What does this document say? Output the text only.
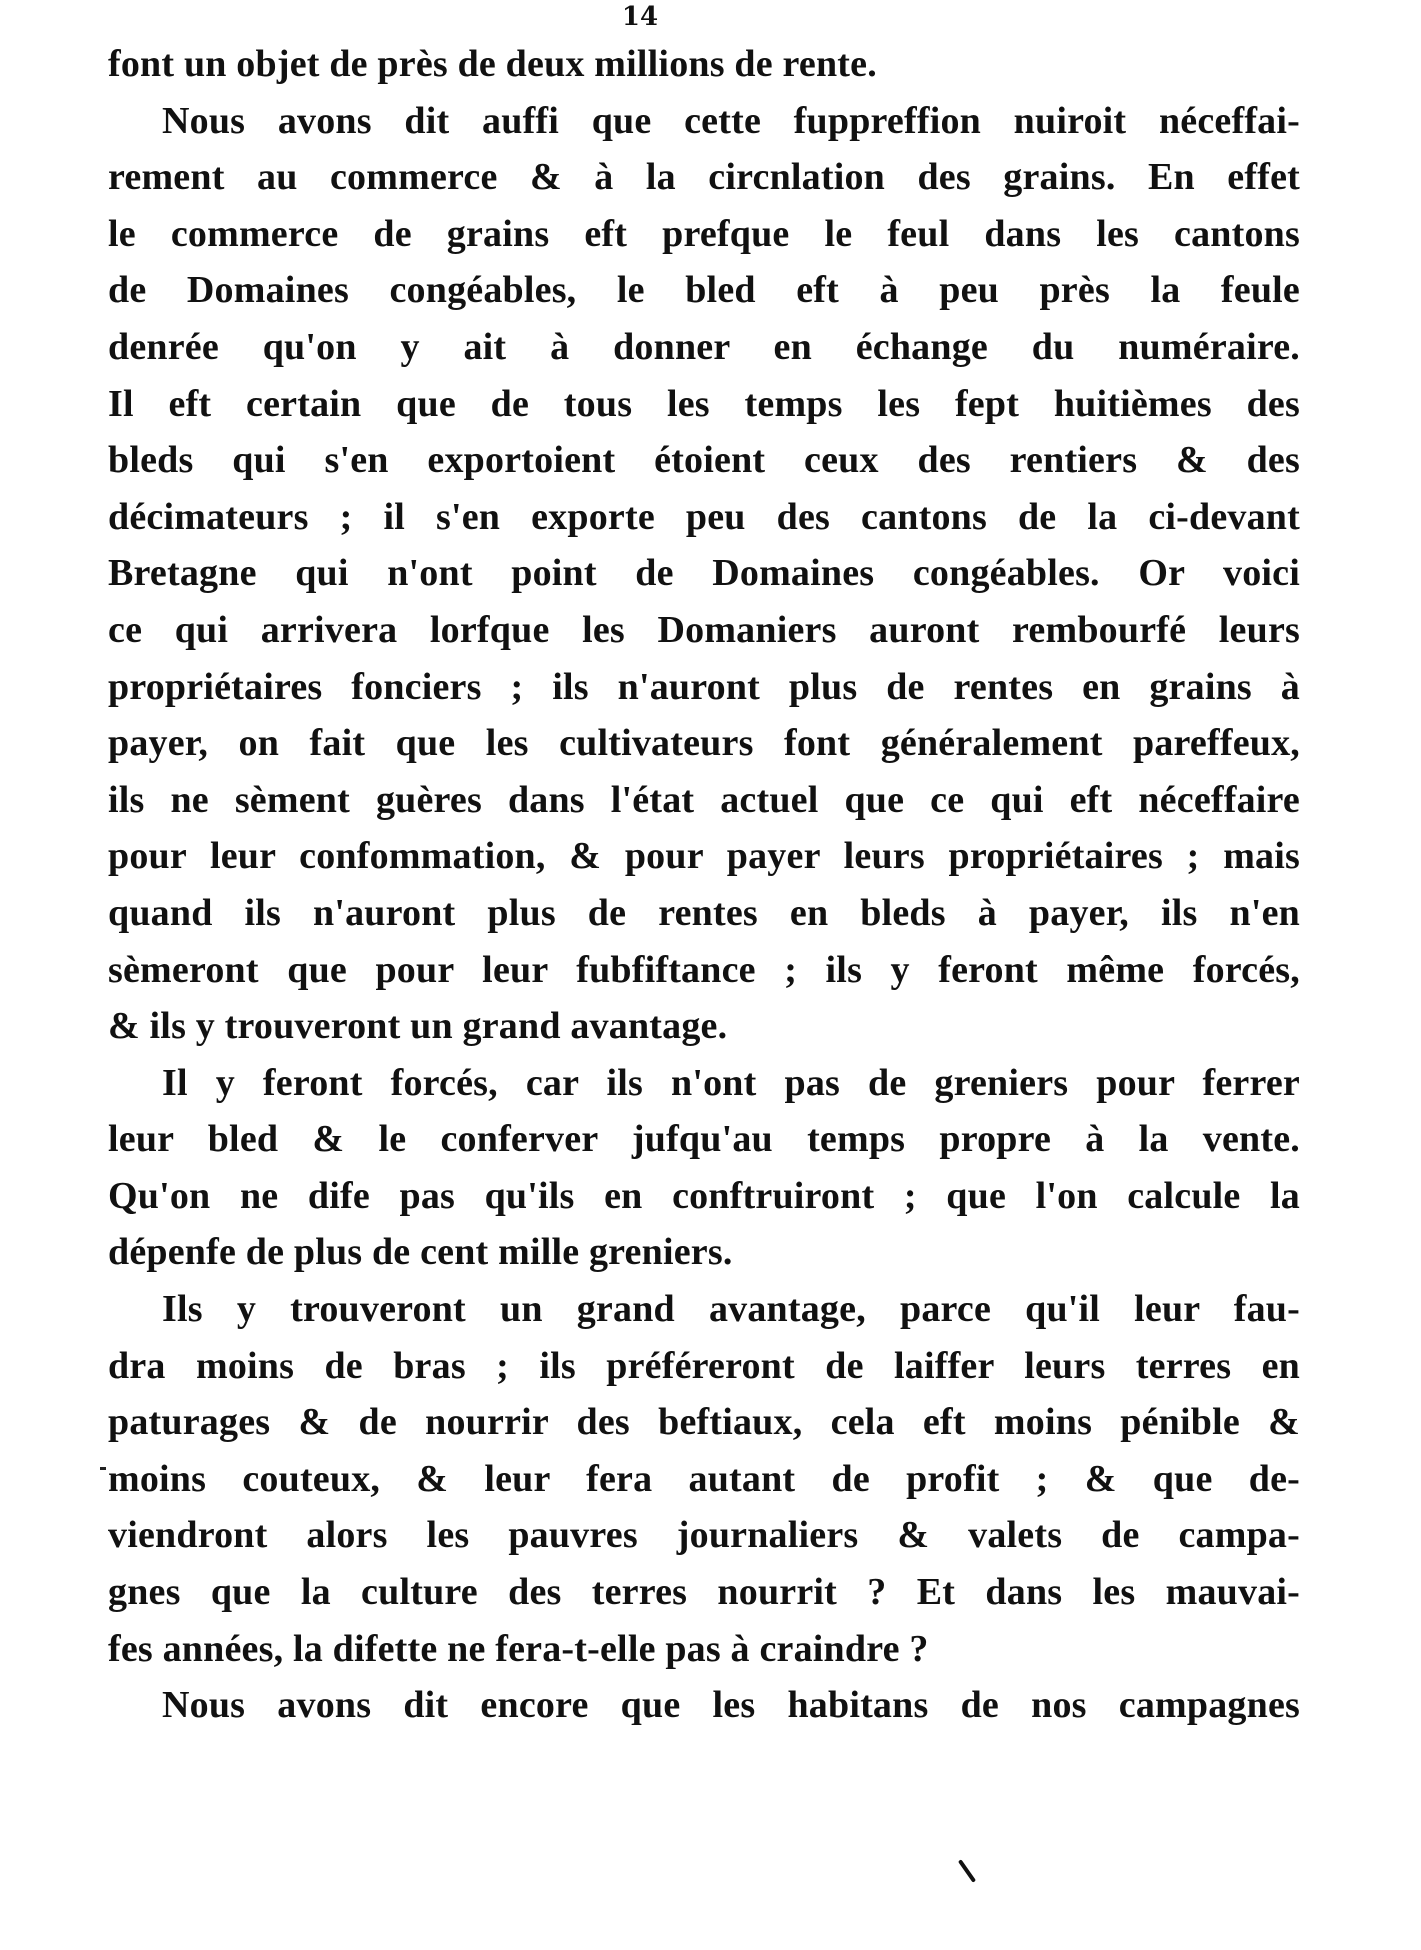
14
font un objet de près de deux millions de rente.
Nous avons dit auffi que cette fuppreffion nuiroit néceffai-
rement au commerce & à la circnlation des grains. En effet
le commerce de grains eft prefque le feul dans les cantons
de Domaines congéables, le bled eft à peu près la feule
denrée qu'on y ait à donner en échange du numéraire.
Il eft certain que de tous les temps les fept huitièmes des
bleds qui s'en exportoient étoient ceux des rentiers & des
décimateurs ; il s'en exporte peu des cantons de la ci-devant
Bretagne qui n'ont point de Domaines congéables. Or voici
ce qui arrivera lorfque les Domaniers auront rembourfé leurs
propriétaires fonciers ; ils n'auront plus de rentes en grains à
payer, on fait que les cultivateurs font généralement pareffeux,
ils ne sèment guères dans l'état actuel que ce qui eft néceffaire
pour leur confommation, & pour payer leurs propriétaires ; mais
quand ils n'auront plus de rentes en bleds à payer, ils n'en
sèmeront que pour leur fubfiftance ; ils y feront même forcés,
& ils y trouveront un grand avantage.
Il y feront forcés, car ils n'ont pas de greniers pour ferrer
leur bled & le conferver jufqu'au temps propre à la vente.
Qu'on ne dife pas qu'ils en conftruiront ; que l'on calcule la
dépenfe de plus de cent mille greniers.
Ils y trouveront un grand avantage, parce qu'il leur fau-
dra moins de bras ; ils préféreront de laiffer leurs terres en
paturages & de nourrir des beftiaux, cela eft moins pénible &
moins couteux, & leur fera autant de profit ; & que de-
viendront alors les pauvres journaliers & valets de campa-
gnes que la culture des terres nourrit ? Et dans les mauvai-
fes années, la difette ne fera-t-elle pas à craindre ?
Nous avons dit encore que les habitans de nos campagnes
